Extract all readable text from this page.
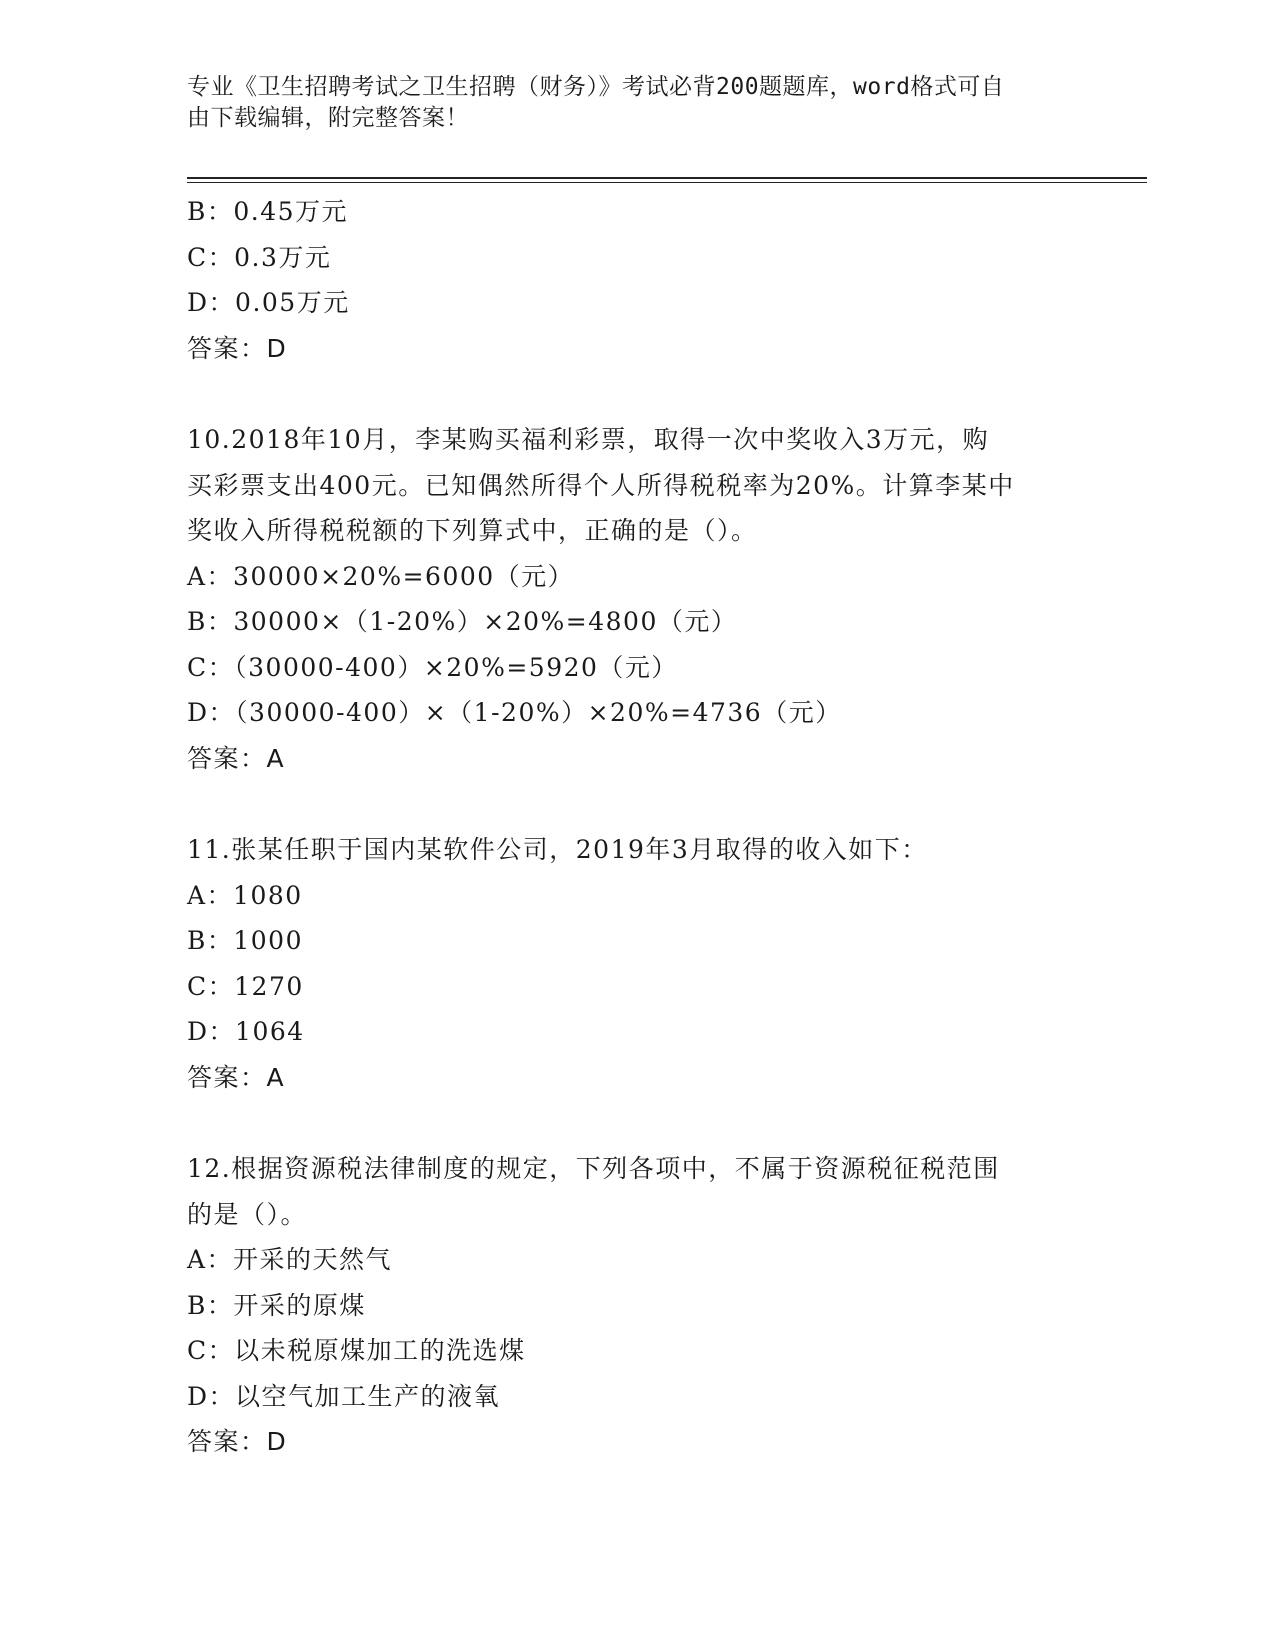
专业《卫生招聘考试之卫生招聘（财务）》考试必背200题题库，word格式可自
由下载编辑，附完整答案！
B：0.45万元
C：0.3万元
D：0.05万元
答案：D
10.2018年10月，李某购买福利彩票，取得一次中奖收入3万元，购
买彩票支出400元。已知偶然所得个人所得税税率为20%。计算李某中
奖收入所得税税额的下列算式中，正确的是（）。
A：30000×20%=6000（元）
B：30000×（1-20%）×20%=4800（元）
C：（30000-400）×20%=5920（元）
D：（30000-400）×（1-20%）×20%=4736（元）
答案：A
11.张某任职于国内某软件公司，2019年3月取得的收入如下：
A：1080
B：1000
C：1270
D：1064
答案：A
12.根据资源税法律制度的规定，下列各项中，不属于资源税征税范围
的是（）。
A：开采的天然气
B：开采的原煤
C：以未税原煤加工的洗选煤
D：以空气加工生产的液氧
答案：D
